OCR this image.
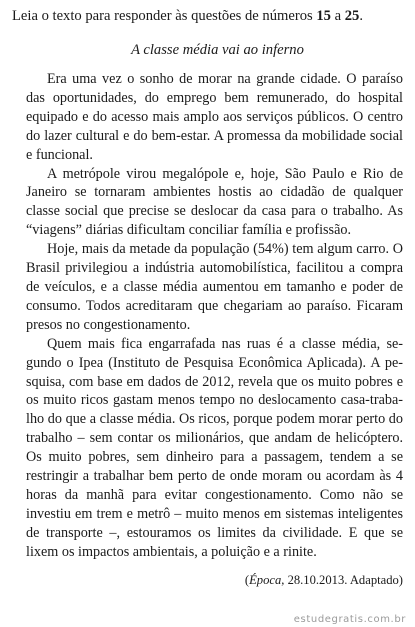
Leia o texto para responder às questões de números 15 a 25.

A classe média vai ao inferno

Era uma vez o sonho de morar na grande cidade. O paraíso das oportunidades, do emprego bem remunerado, do hospital equipado e do acesso mais amplo aos serviços públicos. O centro do lazer cultural e do bem-estar. A promessa da mobilidade social e funcional.

A metrópole virou megalópole e, hoje, São Paulo e Rio de Janeiro se tornaram ambientes hostis ao cidadão de qualquer classe social que precise se deslocar da casa para o trabalho. As “viagens” diárias dificultam conciliar família e profissão.

Hoje, mais da metade da população (54%) tem algum carro. O Brasil privilegiou a indústria automobilística, facilitou a compra de veículos, e a classe média aumentou em tamanho e poder de consumo. Todos acreditaram que chegariam ao paraíso. Ficaram presos no congestionamento.

Quem mais fica engarrafada nas ruas é a classe média, segundo o Ipea (Instituto de Pesquisa Econômica Aplicada). A pesquisa, com base em dados de 2012, revela que os muito pobres e os muito ricos gastam menos tempo no deslocamento casa-trabalho do que a classe média. Os ricos, porque podem morar perto do trabalho – sem contar os milionários, que andam de helicóptero. Os muito pobres, sem dinheiro para a passagem, tendem a se restringir a trabalhar bem perto de onde moram ou acordam às 4 horas da manhã para evitar congestionamento. Como não se investiu em trem e metrô – muito menos em sistemas inteligentes de transporte –, estouramos os limites da civilidade. E que se lixem os impactos ambientais, a poluição e a rinite.

(Época, 28.10.2013. Adaptado)
estudegratis.com.br
